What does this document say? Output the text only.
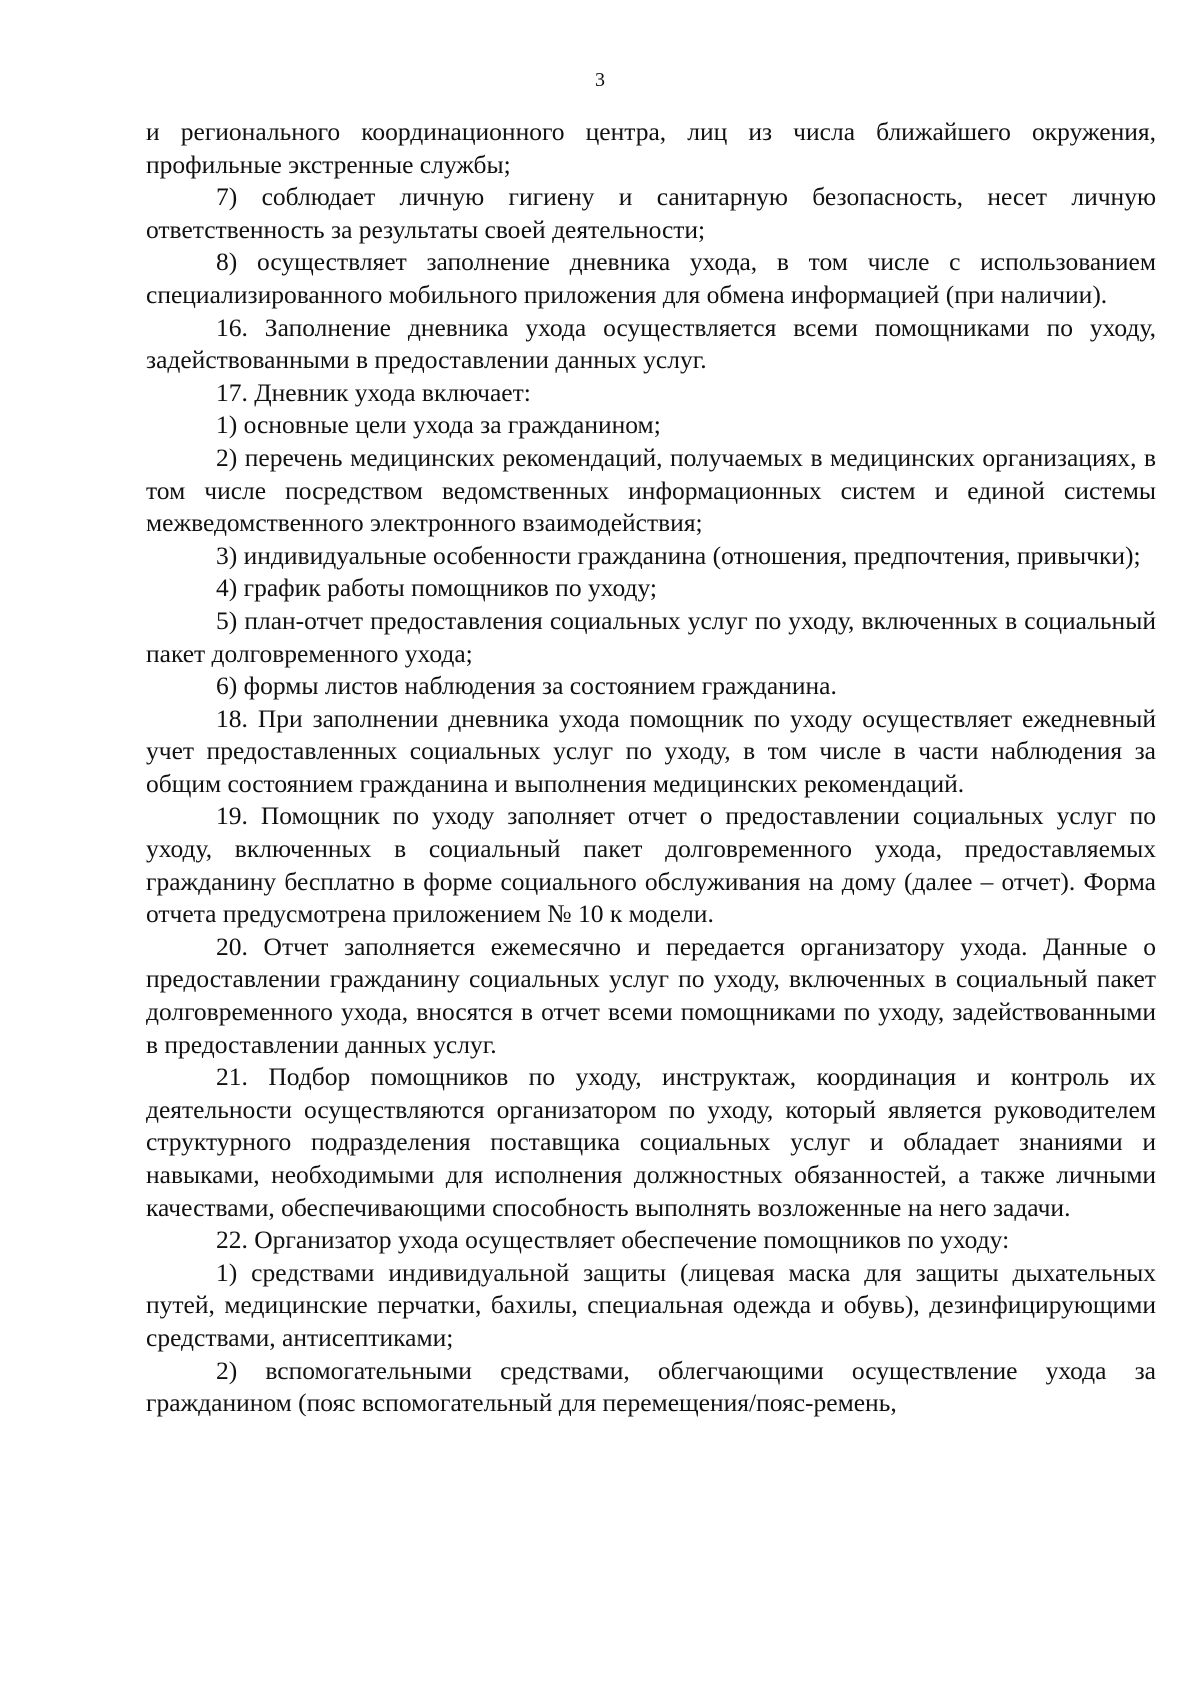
3

и регионального координационного центра, лиц из числа ближайшего окружения, профильные экстренные службы;

7) соблюдает личную гигиену и санитарную безопасность, несет личную ответственность за результаты своей деятельности;

8) осуществляет заполнение дневника ухода, в том числе с использованием специализированного мобильного приложения для обмена информацией (при наличии).

16. Заполнение дневника ухода осуществляется всеми помощниками по уходу, задействованными в предоставлении данных услуг.

17. Дневник ухода включает:

1) основные цели ухода за гражданином;

2) перечень медицинских рекомендаций, получаемых в медицинских организациях, в том числе посредством ведомственных информационных систем и единой системы межведомственного электронного взаимодействия;

3) индивидуальные особенности гражданина (отношения, предпочтения, привычки);

4) график работы помощников по уходу;

5) план-отчет предоставления социальных услуг по уходу, включенных в социальный пакет долговременного ухода;

6) формы листов наблюдения за состоянием гражданина.

18. При заполнении дневника ухода помощник по уходу осуществляет ежедневный учет предоставленных социальных услуг по уходу, в том числе в части наблюдения за общим состоянием гражданина и выполнения медицинских рекомендаций.

19. Помощник по уходу заполняет отчет о предоставлении социальных услуг по уходу, включенных в социальный пакет долговременного ухода, предоставляемых гражданину бесплатно в форме социального обслуживания на дому (далее – отчет). Форма отчета предусмотрена приложением № 10 к модели.

20. Отчет заполняется ежемесячно и передается организатору ухода. Данные о предоставлении гражданину социальных услуг по уходу, включенных в социальный пакет долговременного ухода, вносятся в отчет всеми помощниками по уходу, задействованными в предоставлении данных услуг.

21. Подбор помощников по уходу, инструктаж, координация и контроль их деятельности осуществляются организатором по уходу, который является руководителем структурного подразделения поставщика социальных услуг и обладает знаниями и навыками, необходимыми для исполнения должностных обязанностей, а также личными качествами, обеспечивающими способность выполнять возложенные на него задачи.

22. Организатор ухода осуществляет обеспечение помощников по уходу:

1) средствами индивидуальной защиты (лицевая маска для защиты дыхательных путей, медицинские перчатки, бахилы, специальная одежда и обувь), дезинфицирующими средствами, антисептиками;

2) вспомогательными средствами, облегчающими осуществление ухода за гражданином (пояс вспомогательный для перемещения/пояс-ремень,
